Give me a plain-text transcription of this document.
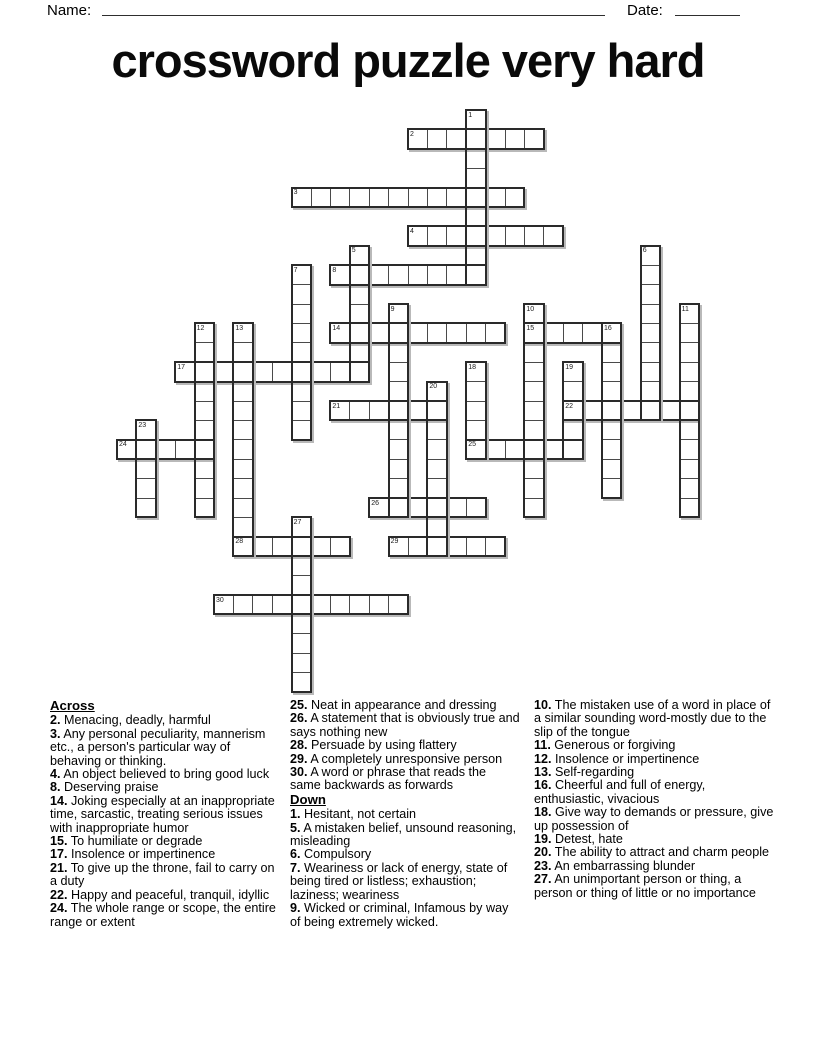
Name:	Date:
crossword puzzle very hard
2
3
4
8
14	15
17
21	22
24	25
26
28	29
30
1
5	6
7
9	10	11
12	13	16
18	19
20
23
27
Across
2. Menacing, deadly, harmful
3. Any personal peculiarity, mannerism etc., a person's particular way of behaving or thinking.
4. An object believed to bring good luck
8. Deserving praise
14. Joking especially at an inappropriate time, sarcastic, treating serious issues with inappropriate humor
15. To humiliate or degrade
17. Insolence or impertinence
21. To give up the throne, fail to carry on a duty
22. Happy and peaceful, tranquil, idyllic
24. The whole range or scope, the entire range or extent
25. Neat in appearance and dressing
26. A statement that is obviously true and says nothing new
28. Persuade by using flattery
29. A completely unresponsive person
30. A word or phrase that reads the same backwards as forwards
Down
1. Hesitant, not certain
5. A mistaken belief, unsound reasoning, misleading
6. Compulsory
7. Weariness or lack of energy, state of being tired or listless; exhaustion; laziness; weariness
9. Wicked or criminal, Infamous by way of being extremely wicked.
10. The mistaken use of a word in place of a similar sounding word-mostly due to the slip of the tongue
11. Generous or forgiving
12. Insolence or impertinence
13. Self-regarding
16. Cheerful and full of energy, enthusiastic, vivacious
18. Give way to demands or pressure, give up possession of
19. Detest, hate
20. The ability to attract and charm people
23. An embarrassing blunder
27. An unimportant person or thing, a person or thing of little or no importance
